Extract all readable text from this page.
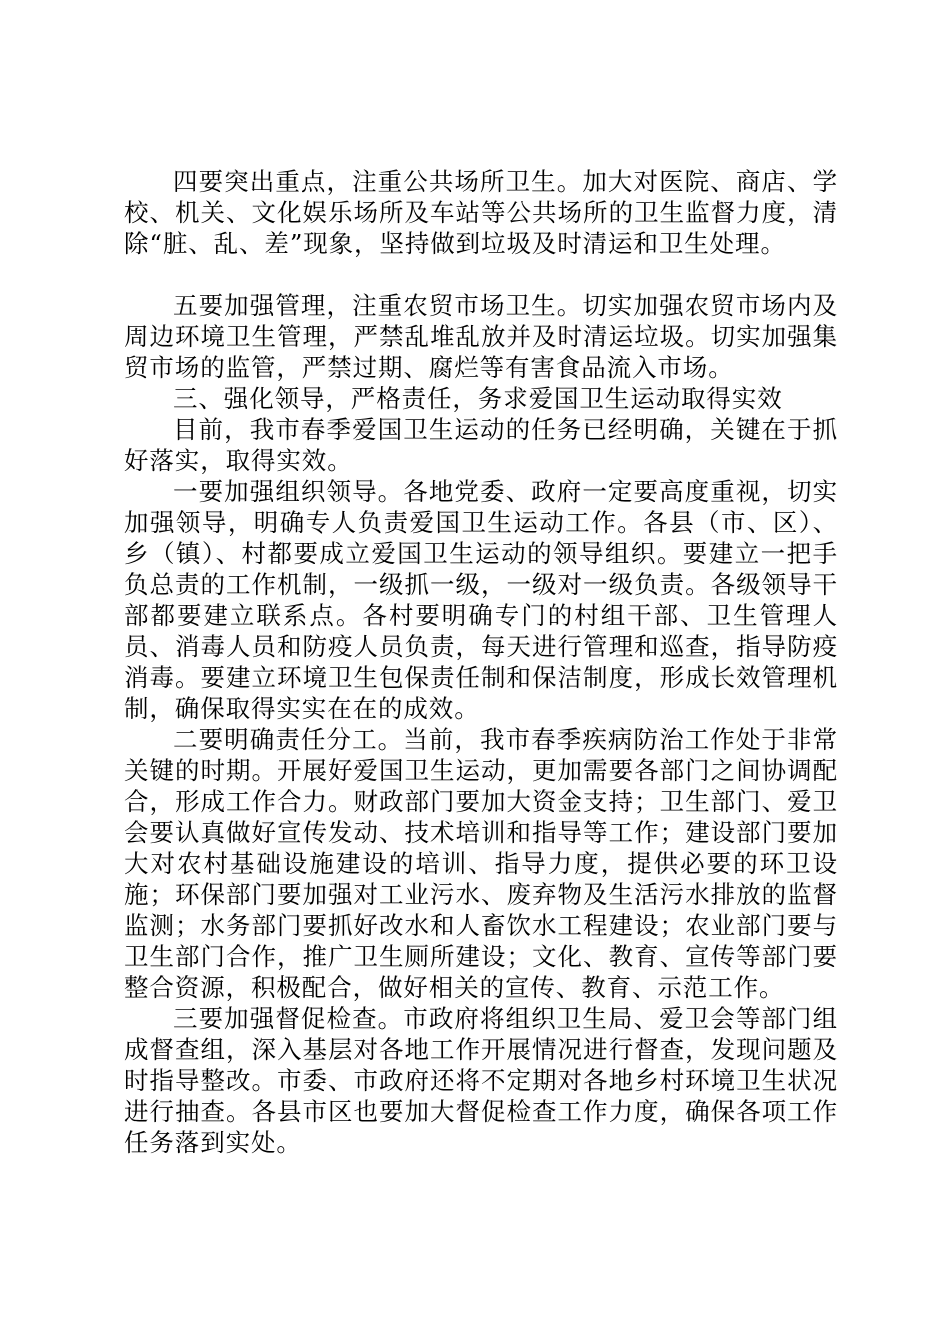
四要突出重点，注重公共场所卫生。加大对医院、商店、学校、机关、文化娱乐场所及车站等公共场所的卫生监督力度，清除“脏、乱、差”现象，坚持做到垃圾及时清运和卫生处理。

五要加强管理，注重农贸市场卫生。切实加强农贸市场内及周边环境卫生管理，严禁乱堆乱放并及时清运垃圾。切实加强集贸市场的监管，严禁过期、腐烂等有害食品流入市场。

三、强化领导，严格责任，务求爱国卫生运动取得实效

目前，我市春季爱国卫生运动的任务已经明确，关键在于抓好落实，取得实效。

一要加强组织领导。各地党委、政府一定要高度重视，切实加强领导，明确专人负责爱国卫生运动工作。各县（市、区）、乡（镇）、村都要成立爱国卫生运动的领导组织。要建立一把手负总责的工作机制，一级抓一级，一级对一级负责。各级领导干部都要建立联系点。各村要明确专门的村组干部、卫生管理人员、消毒人员和防疫人员负责，每天进行管理和巡查，指导防疫消毒。要建立环境卫生包保责任制和保洁制度，形成长效管理机制，确保取得实实在在的成效。

二要明确责任分工。当前，我市春季疾病防治工作处于非常关键的时期。开展好爱国卫生运动，更加需要各部门之间协调配合，形成工作合力。财政部门要加大资金支持；卫生部门、爱卫会要认真做好宣传发动、技术培训和指导等工作；建设部门要加大对农村基础设施建设的培训、指导力度，提供必要的环卫设施；环保部门要加强对工业污水、废弃物及生活污水排放的监督监测；水务部门要抓好改水和人畜饮水工程建设；农业部门要与卫生部门合作，推广卫生厕所建设；文化、教育、宣传等部门要整合资源，积极配合，做好相关的宣传、教育、示范工作。

三要加强督促检查。市政府将组织卫生局、爱卫会等部门组成督查组，深入基层对各地工作开展情况进行督查，发现问题及时指导整改。市委、市政府还将不定期对各地乡村环境卫生状况进行抽查。各县市区也要加大督促检查工作力度，确保各项工作任务落到实处。
